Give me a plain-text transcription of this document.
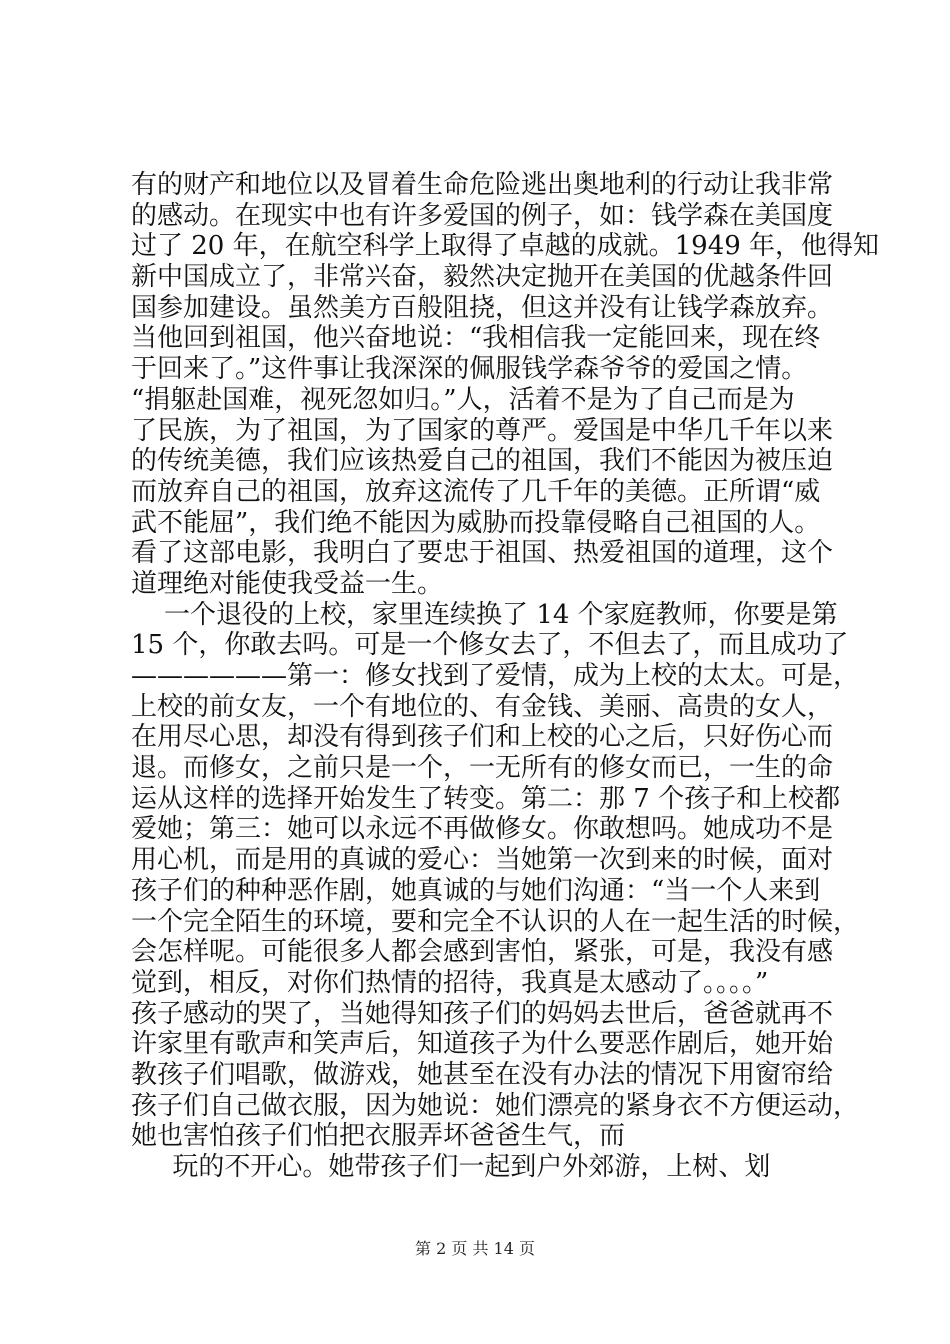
有的财产和地位以及冒着生命危险逃出奥地利的行动让我非常
的感动。在现实中也有许多爱国的例子，如：钱学森在美国度
过了 20 年，在航空科学上取得了卓越的成就。1949 年，他得知
新中国成立了，非常兴奋，毅然决定抛开在美国的优越条件回
国参加建设。虽然美方百般阻挠，但这并没有让钱学森放弃。
当他回到祖国，他兴奋地说：“我相信我一定能回来，现在终
于回来了。”这件事让我深深的佩服钱学森爷爷的爱国之情。
“捐躯赴国难，视死忽如归。”人，活着不是为了自己而是为
了民族，为了祖国，为了国家的尊严。爱国是中华几千年以来
的传统美德，我们应该热爱自己的祖国，我们不能因为被压迫
而放弃自己的祖国，放弃这流传了几千年的美德。正所谓“威
武不能屈”，我们绝不能因为威胁而投靠侵略自己祖国的人。
看了这部电影，我明白了要忠于祖国、热爱祖国的道理，这个
道理绝对能使我受益一生。
一个退役的上校，家里连续换了 14 个家庭教师，你要是第
15 个，你敢去吗。可是一个修女去了，不但去了，而且成功了
——————第一：修女找到了爱情，成为上校的太太。可是，
上校的前女友，一个有地位的、有金钱、美丽、高贵的女人，
在用尽心思，却没有得到孩子们和上校的心之后，只好伤心而
退。而修女，之前只是一个，一无所有的修女而已，一生的命
运从这样的选择开始发生了转变。第二：那 7 个孩子和上校都
爱她；第三：她可以永远不再做修女。你敢想吗。她成功不是
用心机，而是用的真诚的爱心：当她第一次到来的时候，面对
孩子们的种种恶作剧，她真诚的与她们沟通：“当一个人来到
一个完全陌生的环境，要和完全不认识的人在一起生活的时候，
会怎样呢。可能很多人都会感到害怕，紧张，可是，我没有感
觉到，相反，对你们热情的招待，我真是太感动了。。。。”
孩子感动的哭了，当她得知孩子们的妈妈去世后，爸爸就再不
许家里有歌声和笑声后，知道孩子为什么要恶作剧后，她开始
教孩子们唱歌，做游戏，她甚至在没有办法的情况下用窗帘给
孩子们自己做衣服，因为她说：她们漂亮的紧身衣不方便运动，
她也害怕孩子们怕把衣服弄坏爸爸生气，而
玩的不开心。她带孩子们一起到户外郊游，上树、划
第 2 页 共 14 页
